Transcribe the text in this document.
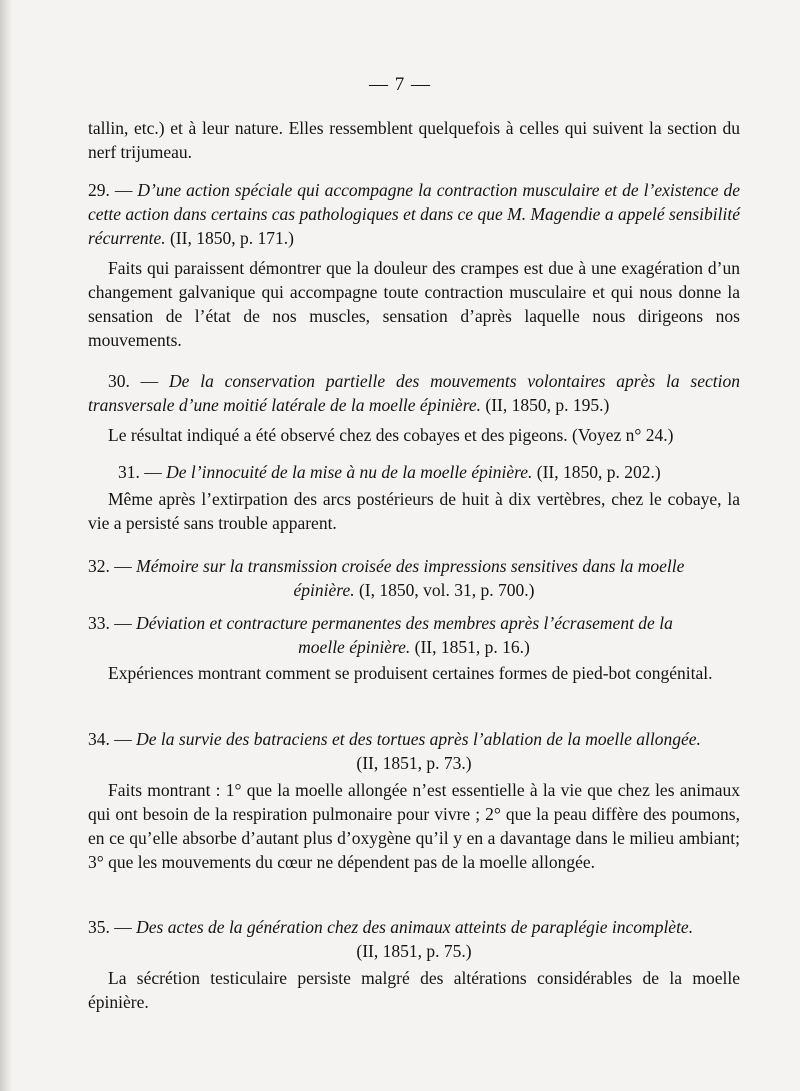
— 7 —

tallin, etc.) et à leur nature. Elles ressemblent quelquefois à celles qui suivent la section du nerf trijumeau.

29. — D’une action spéciale qui accompagne la contraction musculaire et de l’existence de cette action dans certains cas pathologiques et dans ce que M. Magendie a appelé sensibilité récurrente. (II, 1850, p. 171.)

Faits qui paraissent démontrer que la douleur des crampes est due à une exagération d’un changement galvanique qui accompagne toute contraction musculaire et qui nous donne la sensation de l’état de nos muscles, sensation d’après laquelle nous dirigeons nos mouvements.

30. — De la conservation partielle des mouvements volontaires après la section transversale d’une moitié latérale de la moelle épinière. (II, 1850, p. 195.)

Le résultat indiqué a été observé chez des cobayes et des pigeons. (Voyez n° 24.)

31. — De l’innocuité de la mise à nu de la moelle épinière. (II, 1850, p. 202.)

Même après l’extirpation des arcs postérieurs de huit à dix vertèbres, chez le cobaye, la vie a persisté sans trouble apparent.

32. — Mémoire sur la transmission croisée des impressions sensitives dans la moelle

épinière. (I, 1850, vol. 31, p. 700.)

33. — Déviation et contracture permanentes des membres après l’écrasement de la

moelle épinière. (II, 1851, p. 16.)

Expériences montrant comment se produisent certaines formes de pied-bot congénital.

34. — De la survie des batraciens et des tortues après l’ablation de la moelle allongée.

(II, 1851, p. 73.)

Faits montrant : 1° que la moelle allongée n’est essentielle à la vie que chez les animaux qui ont besoin de la respiration pulmonaire pour vivre ; 2° que la peau diffère des poumons, en ce qu’elle absorbe d’autant plus d’oxygène qu’il y en a davantage dans le milieu ambiant; 3° que les mouvements du cœur ne dépendent pas de la moelle allongée.

35. — Des actes de la génération chez des animaux atteints de paraplégie incomplète.

(II, 1851, p. 75.)

La sécrétion testiculaire persiste malgré des altérations considérables de la moelle épinière.
